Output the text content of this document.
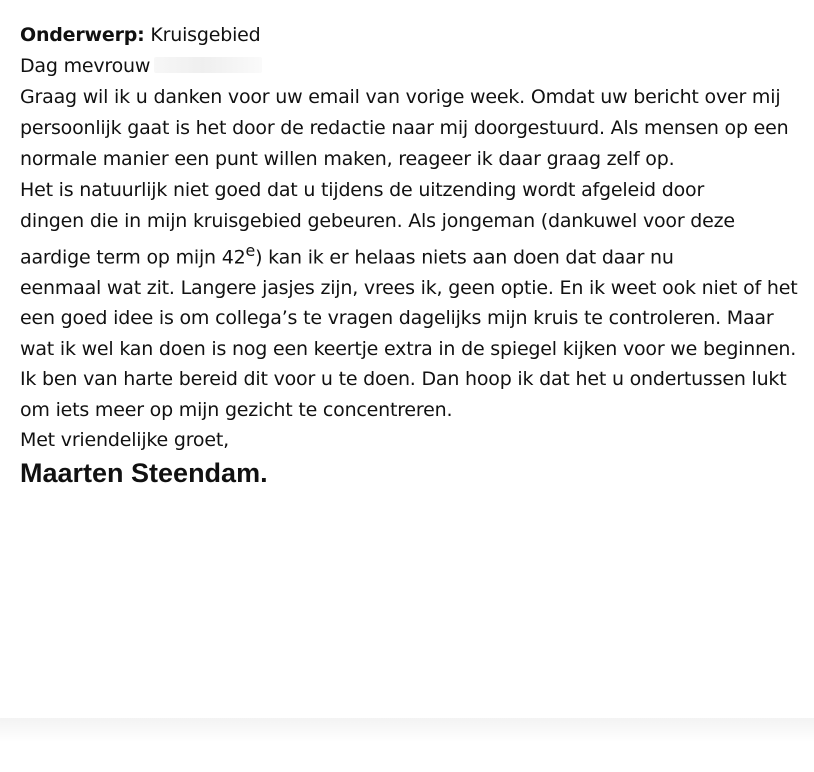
Onderwerp: Kruisgebied

Dag mevrouw

Graag wil ik u danken voor uw email van vorige week. Omdat uw bericht over mij persoonlijk gaat is het door de redactie naar mij doorgestuurd. Als mensen op een normale manier een punt willen maken, reageer ik daar graag zelf op.

Het is natuurlijk niet goed dat u tijdens de uitzending wordt afgeleid door
dingen die in mijn kruisgebied gebeuren. Als jongeman (dankuwel voor deze
aardige term op mijn 42e) kan ik er helaas niets aan doen dat daar nu
eenmaal wat zit. Langere jasjes zijn, vrees ik, geen optie. En ik weet ook niet of het een goed idee is om collega’s te vragen dagelijks mijn kruis te controleren. Maar wat ik wel kan doen is nog een keertje extra in de spiegel kijken voor we beginnen. Ik ben van harte bereid dit voor u te doen. Dan hoop ik dat het u ondertussen lukt om iets meer op mijn gezicht te concentreren.

Met vriendelijke groet,

Maarten Steendam.
